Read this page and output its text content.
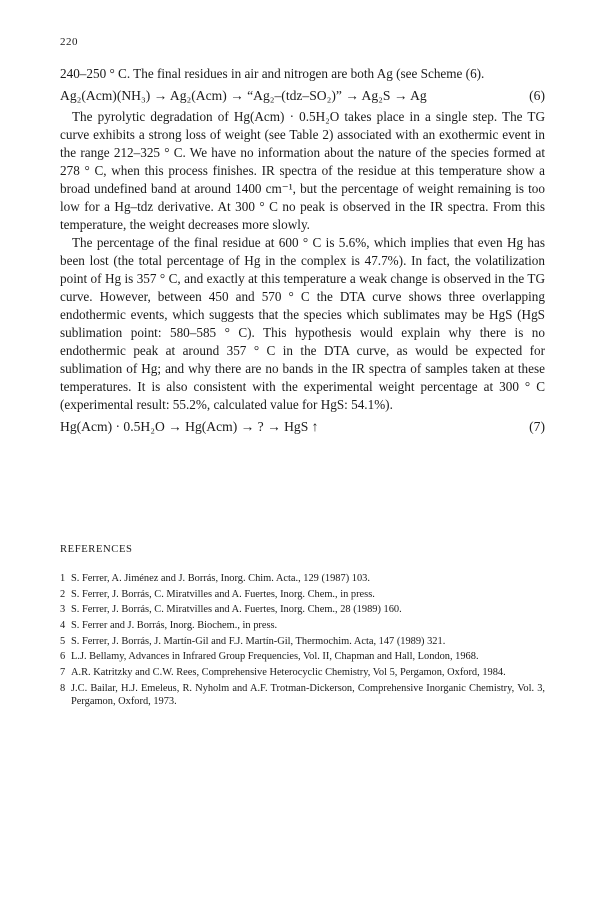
220

240–250 ° C. The final residues in air and nitrogen are both Ag (see Scheme (6).

Ag₂(Acm)(NH₃) → Ag₂(Acm) → “Ag₂–(tdz–SO₂)” → Ag₂S → Ag	(6)

The pyrolytic degradation of Hg(Acm) · 0.5H₂O takes place in a single step. The TG curve exhibits a strong loss of weight (see Table 2) associated with an exothermic event in the range 212–325 ° C. We have no information about the nature of the species formed at 278 ° C, when this process finishes. IR spectra of the residue at this temperature show a broad undefined band at around 1400 cm⁻¹, but the percentage of weight remaining is too low for a Hg–tdz derivative. At 300 ° C no peak is observed in the IR spectra. From this temperature, the weight decreases more slowly.

The percentage of the final residue at 600 ° C is 5.6%, which implies that even Hg has been lost (the total percentage of Hg in the complex is 47.7%). In fact, the volatilization point of Hg is 357 ° C, and exactly at this temperature a weak change is observed in the TG curve. However, between 450 and 570 ° C the DTA curve shows three overlapping endothermic events, which suggests that the species which sublimates may be HgS (HgS sublimation point: 580–585 ° C). This hypothesis would explain why there is no endothermic peak at around 357 ° C in the DTA curve, as would be expected for sublimation of Hg; and why there are no bands in the IR spectra of samples taken at these temperatures. It is also consistent with the experimental weight percentage at 300 ° C (experimental result: 55.2%, calculated value for HgS: 54.1%).

Hg(Acm) · 0.5H₂O → Hg(Acm) → ? → HgS ↑	(7)
REFERENCES
1 S. Ferrer, A. Jiménez and J. Borrás, Inorg. Chim. Acta., 129 (1987) 103.
2 S. Ferrer, J. Borrás, C. Miratvilles and A. Fuertes, Inorg. Chem., in press.
3 S. Ferrer, J. Borrás, C. Miratvilles and A. Fuertes, Inorg. Chem., 28 (1989) 160.
4 S. Ferrer and J. Borrás, Inorg. Biochem., in press.
5 S. Ferrer, J. Borrás, J. Martín-Gil and F.J. Martín-Gil, Thermochim. Acta, 147 (1989) 321.
6 L.J. Bellamy, Advances in Infrared Group Frequencies, Vol. II, Chapman and Hall, London, 1968.
7 A.R. Katritzky and C.W. Rees, Comprehensive Heterocyclic Chemistry, Vol 5, Pergamon, Oxford, 1984.
8 J.C. Bailar, H.J. Emeleus, R. Nyholm and A.F. Trotman-Dickerson, Comprehensive Inorganic Chemistry, Vol. 3, Pergamon, Oxford, 1973.
